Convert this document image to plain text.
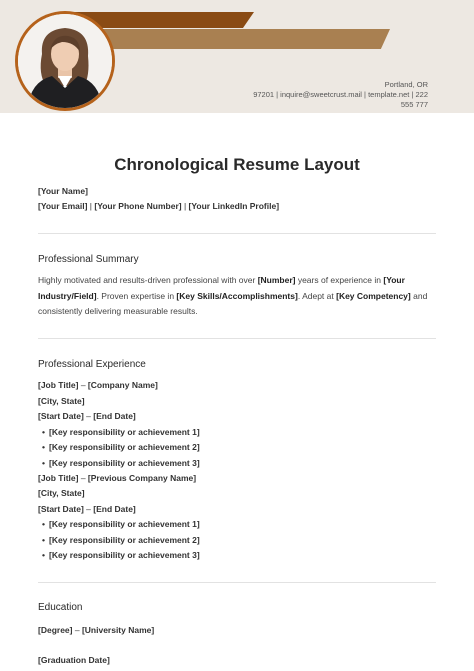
Portland, OR
97201 | inquire@sweetcrust.mail | template.net | 222
555 777
Chronological Resume Layout
[Your Name]
[Your Email] | [Your Phone Number] | [Your LinkedIn Profile]
Professional Summary
Highly motivated and results-driven professional with over [Number] years of experience in [Your Industry/Field]. Proven expertise in [Key Skills/Accomplishments]. Adept at [Key Competency] and consistently delivering measurable results.
Professional Experience
[Job Title] – [Company Name]
[City, State]
[Start Date] – [End Date]
• [Key responsibility or achievement 1]
• [Key responsibility or achievement 2]
• [Key responsibility or achievement 3]
[Job Title] – [Previous Company Name]
[City, State]
[Start Date] – [End Date]
• [Key responsibility or achievement 1]
• [Key responsibility or achievement 2]
• [Key responsibility or achievement 3]
Education
[Degree] – [University Name]
[Graduation Date]
